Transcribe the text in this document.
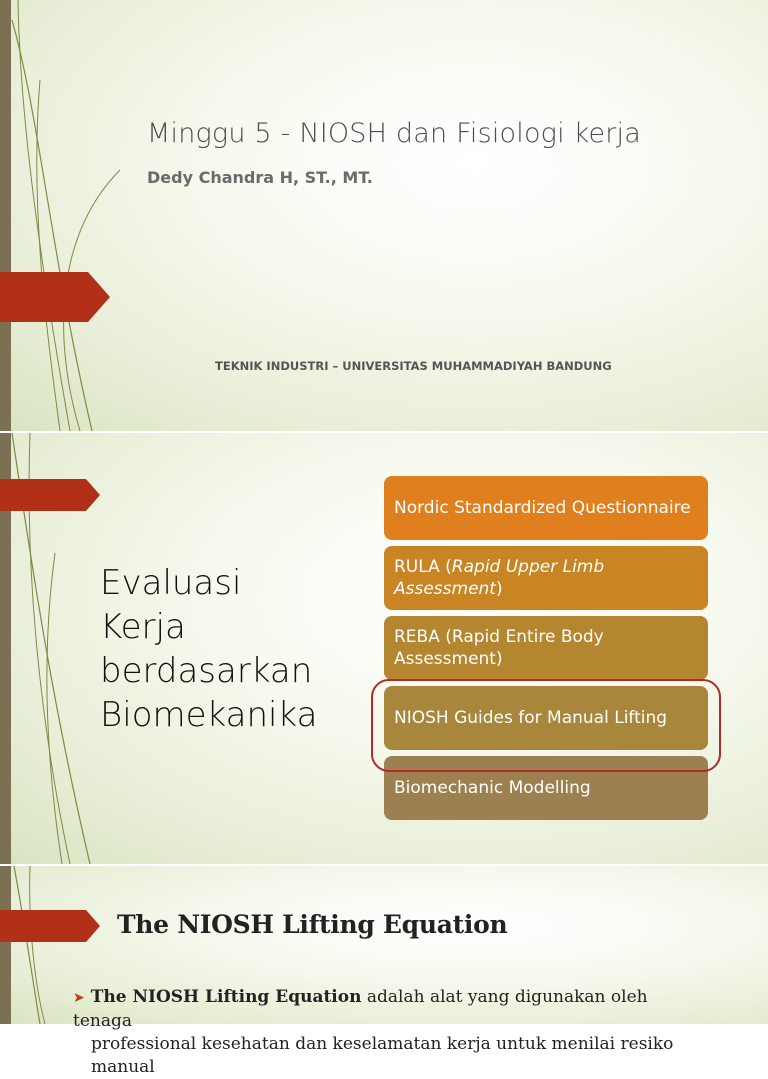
Minggu 5 - NIOSH dan Fisiologi kerja
Dedy Chandra H, ST., MT.
TEKNIK INDUSTRI – UNIVERSITAS MUHAMMADIYAH BANDUNG
Evaluasi
Kerja
berdasarkan
Biomekanika
Nordic Standardized Questionnaire
RULA (Rapid Upper Limb Assessment)
REBA (Rapid Entire Body Assessment)
NIOSH Guides for Manual Lifting
Biomechanic Modelling
The NIOSH Lifting Equation
➤ The NIOSH Lifting Equation adalah alat yang digunakan oleh tenaga
professional kesehatan dan keselamatan kerja untuk menilai resiko manual
